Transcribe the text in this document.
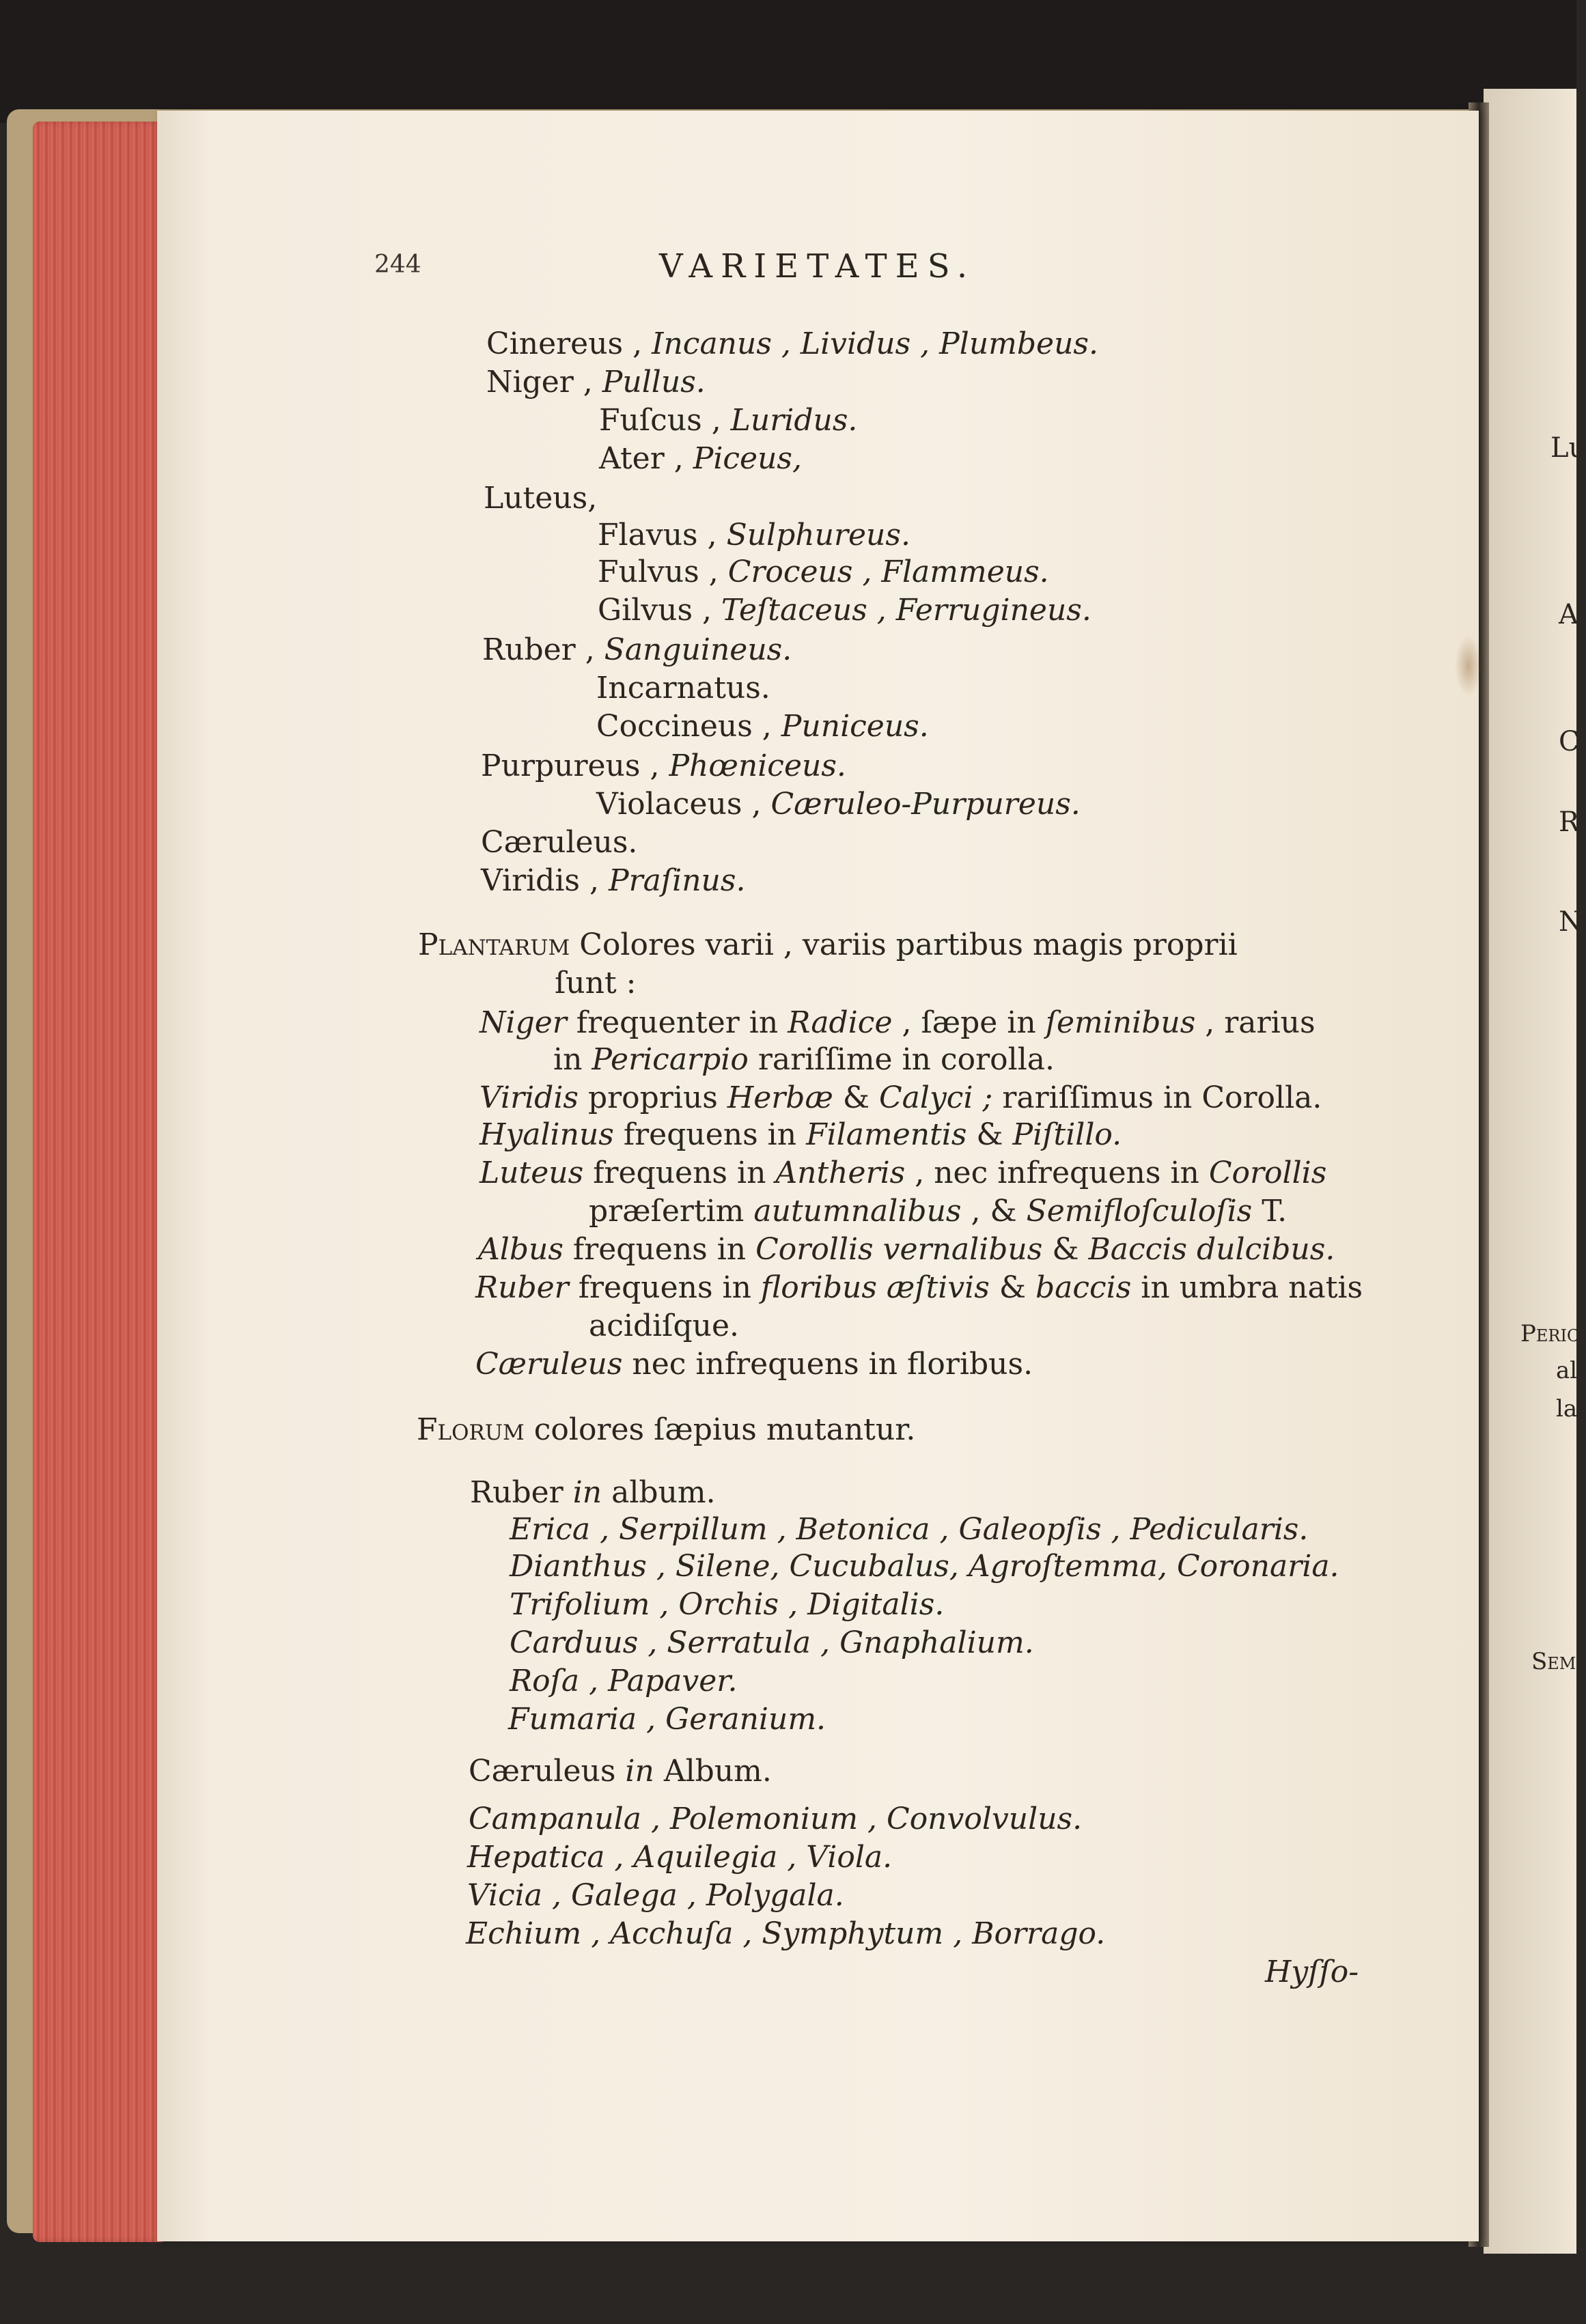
244	VARIETATES.
Cinereus , Incanus , Lividus , Plumbeus.
Niger , Pullus.
Fuſcus , Luridus.
Ater , Piceus,
Luteus,
Flavus , Sulphureus.
Fulvus , Croceus , Flammeus.
Gilvus , Teſtaceus , Ferrugineus.
Ruber , Sanguineus.
Incarnatus.
Coccineus , Puniceus.
Purpureus , Phœniceus.
Violaceus , Cæruleo-Purpureus.
Cæruleus.
Viridis , Praſinus.
Plantarum Colores varii , variis partibus magis proprii
ſunt :
Niger frequenter in Radice , ſæpe in ſeminibus , rarius
in Pericarpio rariſſime in corolla.
Viridis proprius Herbæ & Calyci ; rariſſimus in Corolla.
Hyalinus frequens in Filamentis & Piſtillo.
Luteus frequens in Antheris , nec infrequens in Corollis
præſertim autumnalibus , & Semifloſculoſis T.
Albus frequens in Corollis vernalibus & Baccis dulcibus.
Ruber frequens in floribus æſtivis & baccis in umbra natis
acidiſque.
Cæruleus nec infrequens in floribus.
Florum colores ſæpius mutantur.
Ruber in album.
Erica , Serpillum , Betonica , Galeopſis , Pedicularis.
Dianthus , Silene, Cucubalus, Agroſtemma, Coronaria.
Trifolium , Orchis , Digitalis.
Carduus , Serratula , Gnaphalium.
Roſa , Papaver.
Fumaria , Geranium.
Cæruleus in Album.
Campanula , Polemonium , Convolvulus.
Hepatica , Aquilegia , Viola.
Vicia , Galega , Polygala.
Echium , Acchuſa , Symphytum , Borrago.
Hyſſo-
Lu
A
C
R
N
Peric
al
la
Sem
